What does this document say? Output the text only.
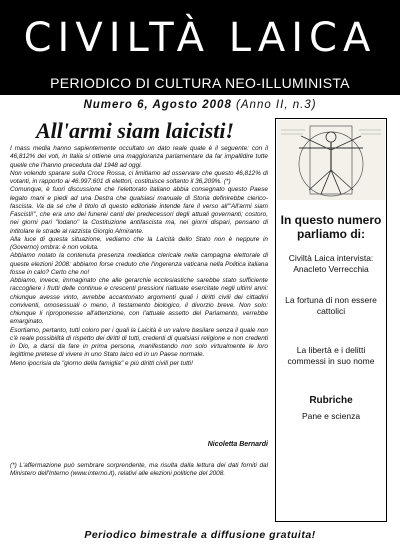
CIVILTÀ LAICA
PERIODICO DI CULTURA NEO-ILLUMINISTA
Numero 6, Agosto 2008 (Anno II, n.3)
All'armi siam laicisti!

I mass media hanno sapientemente occultato un dato reale quale è il seguente: con il 46,812% dei voti, in Italia si ottiene una maggioranza parlamentare da far impallidire tutte quelle che l'hanno preceduta dal 1948 ad oggi.

Non volendo sparare sulla Croce Rossa, ci limitiamo ad osservare che questo 46,812% di votanti, in rapporto ai 46.997.601 di elettori, costituisce soltanto il 36,209%. (*)

Comunque, è fuori discussione che l'elettorato italiano abbia consegnato questo Paese legato mani e piedi ad una Destra che qualsiasi manuale di Storia definirebbe clerico-fascista. Va da sé che il titolo di questo editoriale intende fare il verso all'"All'armi siam Fascisti!", che era uno dei funerei canti dei predecessori degli attuali governanti; costoro, nei giorni pari "lodano" la Costituzione antifascista ma, nei giorni dispari, pensano di intitolare le strade al razzista Giorgio Almirante.

Alla luce di questa situazione, vediamo che la Laicità dello Stato non è neppure in (Governo) ombra: è non voluta.

Abbiamo notato la contenuta presenza mediatica clericale nella campagna elettorale di queste elezioni 2008: abbiamo forse creduto che l'ingerenza vaticana nella Politica italiana fosse in calo? Certo che no!

Abbiamo, invece, immaginato che alle gerarchie ecclesiastiche sarebbe stato sufficiente raccogliere i frutti delle continue e crescenti pressioni riattuate esercitate negli ultimi anni: chiunque avesse vinto, avrebbe accantonato argomenti quali i diritti civili dei cittadini conviventi, omosessuali o meno, il testamento biologico, il divorzio breve. Non solo: chiunque li riproponesse all'attenzione, con l'attuale assetto del Parlamento, verrebbe emarginato.

Esortiamo, pertanto, tutti coloro per i quali la Laicità è un valore basilare senza il quale non c'è reale possibilità di rispetto dei diritti di tutti, credenti di qualsiasi religione e non credenti in Dio, a darsi da fare in prima persona, manifestando non solo virtualmente le loro legittime pretese di vivere in uno Stato laico ed in un Paese normale.

Meno ipocrisia da "giorno della famiglia" e più diritti civili per tutti!

Nicoletta Bernardi
(*) L'affermazione può sembrare sorprendente, ma risulta dalla lettura dei dati forniti dal Ministero dell'Interno (www.interno.it), relativi alle elezioni politiche del 2008.
In questo numero parliamo di:
Civiltà Laica intervista: Anacleto Verrecchia
La fortuna di non essere cattolici
La libertà e i delitti commessi in suo nome
Rubriche
Pane e scienza
Periodico bimestrale a diffusione gratuita!
